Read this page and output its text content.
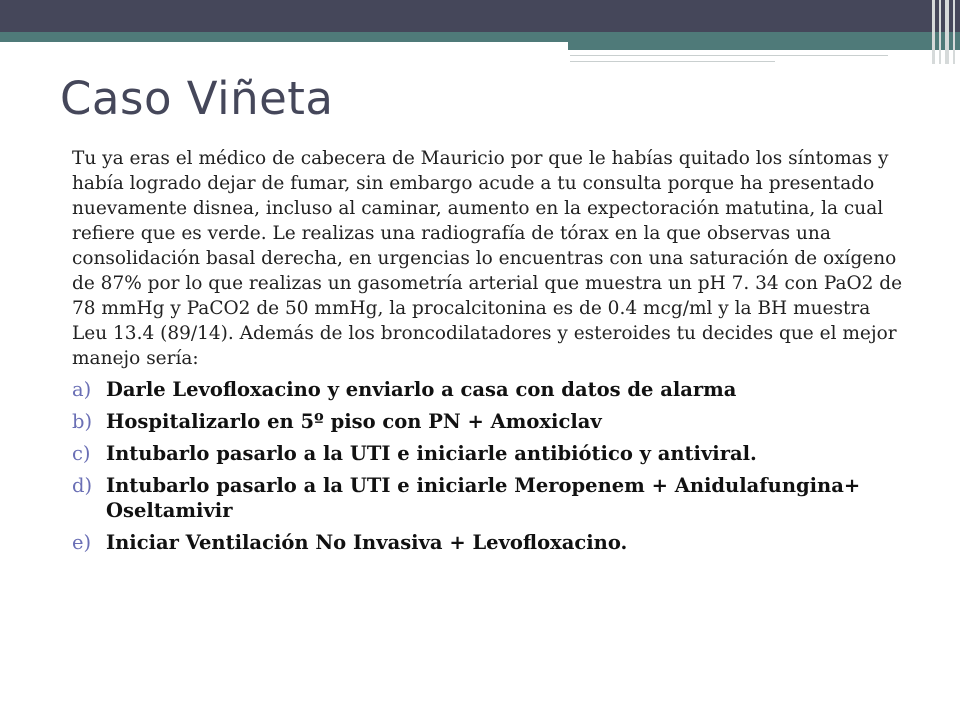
Caso Viñeta

Tu ya eras el médico de cabecera de Mauricio por que le habías quitado los síntomas y había logrado dejar de fumar, sin embargo acude a tu consulta porque ha presentado nuevamente disnea, incluso al caminar, aumento en la expectoración matutina, la cual refiere que es verde. Le realizas una radiografía de tórax en la que observas una consolidación basal derecha, en urgencias lo encuentras con una saturación de oxígeno de 87% por lo que realizas un gasometría arterial que muestra un pH 7. 34 con PaO2 de 78 mmHg y PaCO2 de 50 mmHg, la procalcitonina es de 0.4 mcg/ml y la BH muestra Leu 13.4 (89/14). Además de los broncodilatadores y esteroides tu decides que el mejor manejo sería:

a) Darle Levofloxacino y enviarlo a casa con datos de alarma
b) Hospitalizarlo en 5º piso con PN + Amoxiclav
c) Intubarlo pasarlo a la UTI e iniciarle antibiótico y antiviral.
d) Intubarlo pasarlo a la UTI e iniciarle Meropenem + Anidulafungina+ Oseltamivir
e) Iniciar Ventilación No Invasiva + Levofloxacino.
